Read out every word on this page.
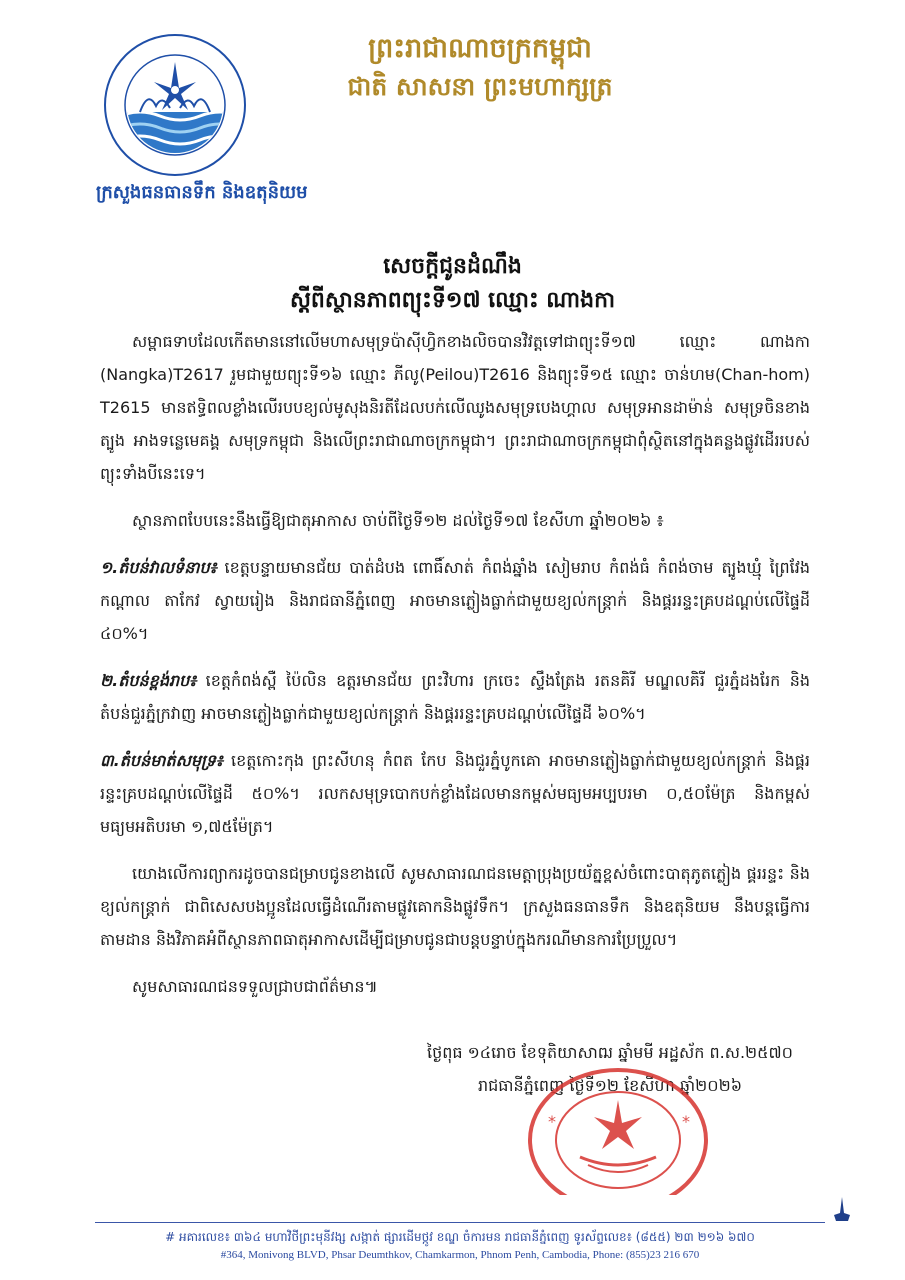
ក្រសួងធនធានទឹក និងឧតុនិយម
ព្រះរាជាណាចក្រកម្ពុជា
ជាតិ សាសនា ព្រះមហាក្សត្រ
សេចក្តីជូនដំណឹង
ស្តីពីស្ថានភាពព្យុះទី១៧ ឈ្មោះ ណាងកា

សម្ពាធទាបដែលកើតមាននៅលើមហាសមុទ្រប៉ាស៊ីហ្វិកខាងលិចបានវិវត្តទៅជាព្យុះទី១៧ ឈ្មោះ ណាងកា (Nangka)T2617 រួមជាមួយព្យុះទី១៦ ឈ្មោះ ភីលូ(Peilou)T2616 និងព្យុះទី១៥ ឈ្មោះ ចាន់ហម(Chan-hom) T2615 មានឥទ្ធិពលខ្លាំងលើរបបខ្យល់មូសុងនិរតីដែលបក់លើឈូងសមុទ្របេងហ្គាល សមុទ្រអានដាម៉ាន់ សមុទ្រចិនខាងត្បូង អាងទន្លេមេគង្គ សមុទ្រកម្ពុជា និងលើព្រះរាជាណាចក្រកម្ពុជា។ ព្រះរាជាណាចក្រកម្ពុជាពុំស្ថិតនៅក្នុងគន្លងផ្លូវដើររបស់ព្យុះទាំងបីនេះទេ។

ស្ថានភាពបែបនេះនឹងធ្វើឱ្យជាតុអាកាស ចាប់ពីថ្ងៃទី១២ ដល់ថ្ងៃទី១៧ ខែសីហា ឆ្នាំ២០២៦ ៖

១.តំបន់វាលទំនាប៖ ខេត្តបន្ទាយមានជ័យ បាត់ដំបង ពោធិ៍សាត់ កំពង់ឆ្នាំង សៀមរាប កំពង់ធំ កំពង់ចាម ត្បូងឃ្មុំ ព្រៃវែង កណ្តាល តាកែវ ស្វាយរៀង និងរាជធានីភ្នំពេញ អាចមានភ្លៀងធ្លាក់ជាមួយខ្យល់កន្ត្រាក់ និងផ្គររន្ទះគ្របដណ្តប់លើផ្ទៃដី ៤០%។

២.តំបន់ខ្ពង់រាប៖ ខេត្តកំពង់ស្ពឺ ប៉ៃលិន ឧត្តរមានជ័យ ព្រះវិហារ ក្រចេះ ស្ទឹងត្រែង រតនគិរី មណ្ឌលគិរី ជួរភ្នំដងរែក និងតំបន់ជួរភ្នំក្រវាញ អាចមានភ្លៀងធ្លាក់ជាមួយខ្យល់កន្ត្រាក់ និងផ្គររន្ទះគ្របដណ្តប់លើផ្ទៃដី ៦០%។

៣.តំបន់មាត់សមុទ្រ៖ ខេត្តកោះកុង ព្រះសីហនុ កំពត កែប និងជួរភ្នំបូកគោ អាចមានភ្លៀងធ្លាក់ជាមួយខ្យល់កន្ត្រាក់ និងផ្គររន្ទះគ្របដណ្តប់លើផ្ទៃដី ៥០%។ រលកសមុទ្របោកបក់ខ្លាំងដែលមានកម្ពស់មធ្យមអប្បបរមា ០,៥០ម៉ែត្រ និងកម្ពស់មធ្យមអតិបរមា ១,៧៥ម៉ែត្រ។

យោងលើការព្យាករដូចបានជម្រាបជូនខាងលើ សូមសាធារណជនមេត្តាប្រុងប្រយ័ត្នខ្ពស់ចំពោះបាតុភូតភ្លៀង ផ្គររន្ទះ និងខ្យល់កន្ត្រាក់ ជាពិសេសបងប្អូនដែលធ្វើដំណើរតាមផ្លូវគោកនិងផ្លូវទឹក។ ក្រសួងធនធានទឹក និងឧតុនិយម នឹងបន្តធ្វើការតាមដាន និងវិភាគអំពីស្ថានភាពធាតុអាកាសដើម្បីជម្រាបជូនជាបន្តបន្ទាប់ក្នុងករណីមានការប្រែប្រួល។

សូមសាធារណជនទទួលជ្រាបជាព័ត៌មាន៕

ថ្ងៃពុធ ១៤រោច ខែទុតិយាសាឍ ឆ្នាំមមី អដ្ឋស័ក ព.ស.២៥៧០
រាជធានីភ្នំពេញ ថ្ងៃទី១២ ខែសីហា ឆ្នាំ២០២៦
*	*
# អគារលេខ៖ ៣៦៤ មហាវិថីព្រះមុនីវង្ស សង្កាត់ ផ្សារដើមថ្កូវ ខណ្ឌ ចំការមន រាជធានីភ្នំពេញ ទូរស័ព្ទលេខ៖ (៨៥៥) ២៣ ២១៦ ៦៧០
#364, Monivong BLVD, Phsar Deumthkov, Chamkarmon, Phnom Penh, Cambodia, Phone: (855)23 216 670
